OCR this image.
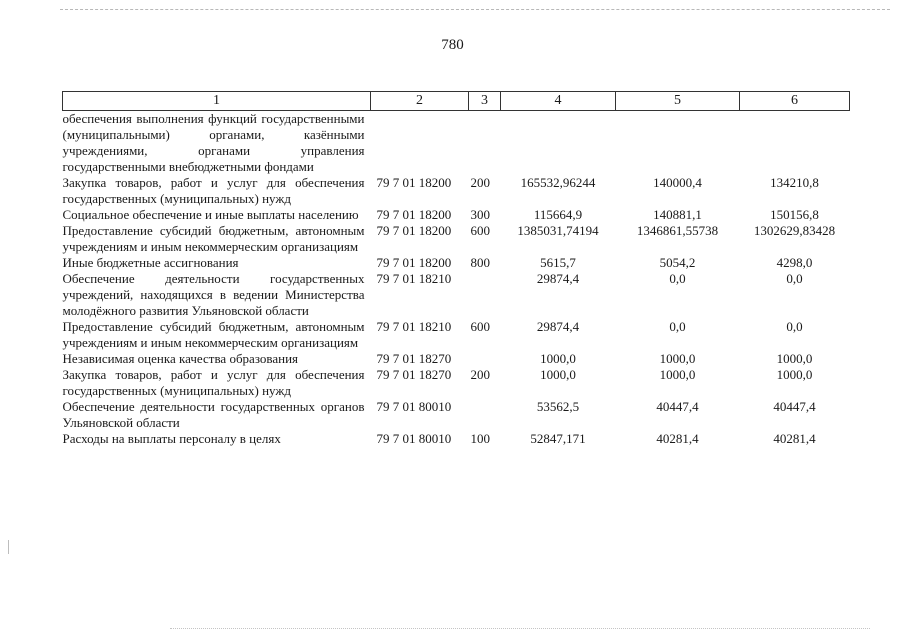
780
1	2	3	4	5	6
обеспечения выполнения функций государственными (муниципальными) органами, казёнными учреждениями, органами управления государственными внебюджетными фондами					
Закупка товаров, работ и услуг для обеспечения государственных (муниципальных) нужд	79 7 01 18200	200	165532,96244	140000,4	134210,8
Социальное обеспечение и иные выплаты населению	79 7 01 18200	300	115664,9	140881,1	150156,8
Предоставление субсидий бюджетным, автономным учреждениям и иным некоммерческим организациям	79 7 01 18200	600	1385031,74194	1346861,55738	1302629,83428
Иные бюджетные ассигнования	79 7 01 18200	800	5615,7	5054,2	4298,0
Обеспечение деятельности государственных учреждений, находящихся в ведении Министерства молодёжного развития Ульяновской области	79 7 01 18210		29874,4	0,0	0,0
Предоставление субсидий бюджетным, автономным учреждениям и иным некоммерческим организациям	79 7 01 18210	600	29874,4	0,0	0,0
Независимая оценка качества образования	79 7 01 18270		1000,0	1000,0	1000,0
Закупка товаров, работ и услуг для обеспечения государственных (муниципальных) нужд	79 7 01 18270	200	1000,0	1000,0	1000,0
Обеспечение деятельности государственных органов Ульяновской области	79 7 01 80010		53562,5	40447,4	40447,4
Расходы на выплаты персоналу в целях	79 7 01 80010	100	52847,171	40281,4	40281,4
